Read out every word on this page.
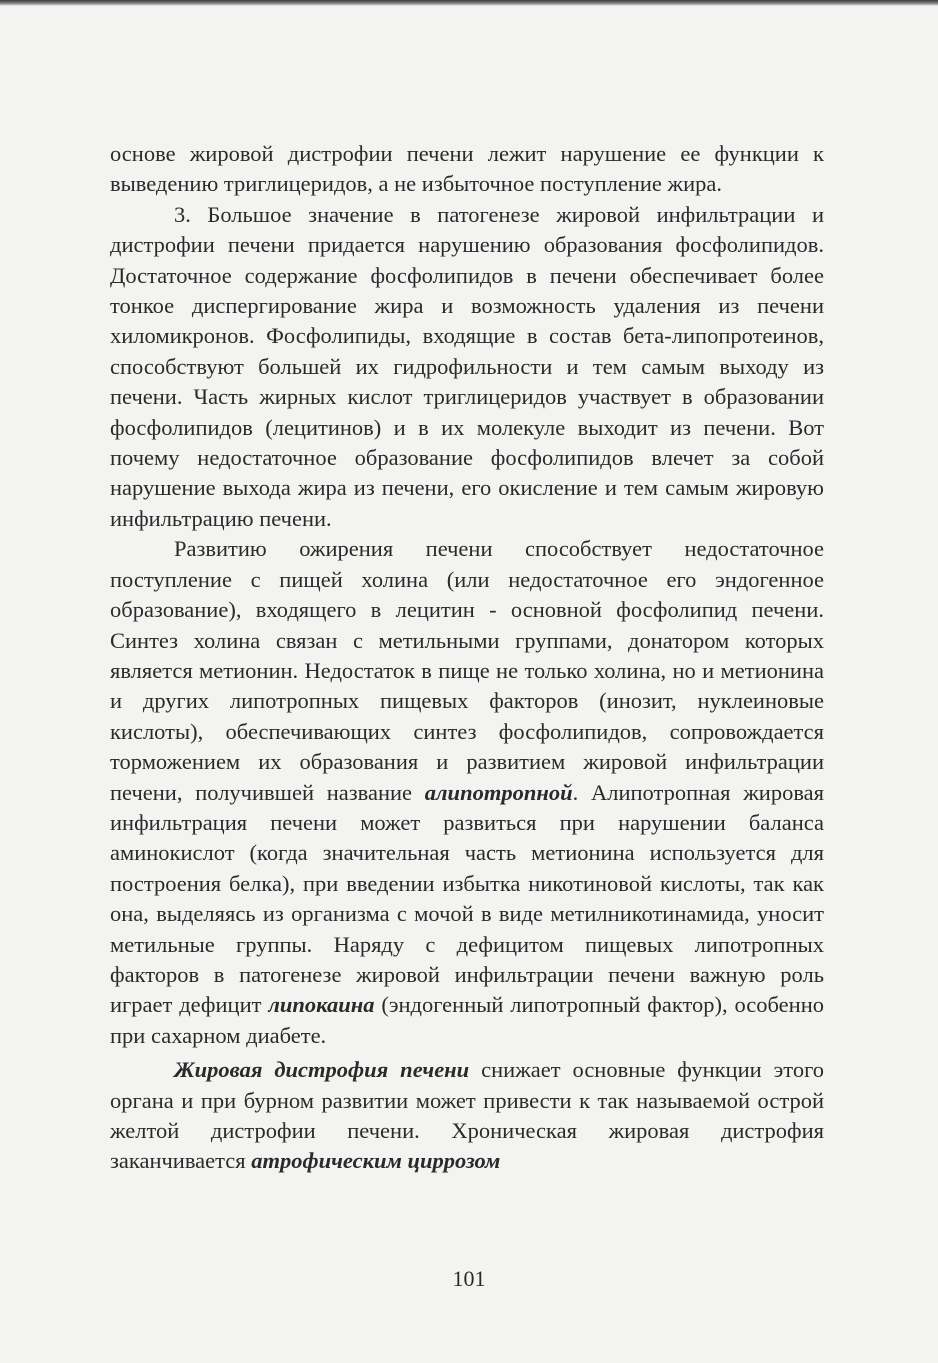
основе жировой дистрофии печени лежит нарушение ее функции к выведению триглицеридов, а не избыточное поступление жира.

3. Большое значение в патогенезе жировой инфильтрации и дистрофии печени придается нарушению образования фосфолипидов. Достаточное содержание фосфолипидов в печени обеспечивает более тонкое диспергирование жира и возможность удаления из печени хиломикронов. Фосфолипиды, входящие в состав бета-липопротеинов, способствуют большей их гидрофильности и тем самым выходу из печени. Часть жирных кислот триглицеридов участвует в образовании фосфолипидов (лецитинов) и в их молекуле выходит из печени. Вот почему недостаточное образование фосфолипидов влечет за собой нарушение выхода жира из печени, его окисление и тем самым жировую инфильтрацию печени.

Развитию ожирения печени способствует недостаточное поступление с пищей холина (или недостаточное его эндогенное образование), входящего в лецитин - основной фосфолипид печени. Синтез холина связан с метильными группами, донатором которых является метионин. Недостаток в пище не только холина, но и метионина и других липотропных пищевых факторов (инозит, нуклеиновые кислоты), обеспечивающих синтез фосфолипидов, сопровождается торможением их образования и развитием жировой инфильтрации печени, получившей название алипотропной. Алипотропная жировая инфильтрация печени может развиться при нарушении баланса аминокислот (когда значительная часть метионина используется для построения белка), при введении избытка никотиновой кислоты, так как она, выделяясь из организма с мочой в виде метилникотинамида, уносит метильные группы. Наряду с дефицитом пищевых липотропных факторов в патогенезе жировой инфильтрации печени важную роль играет дефицит липокаина (эндогенный липотропный фактор), особенно при сахарном диабете.

Жировая дистрофия печени снижает основные функции этого органа и при бурном развитии может привести к так называемой острой желтой дистрофии печени. Хроническая жировая дистрофия заканчивается атрофическим циррозом

101
